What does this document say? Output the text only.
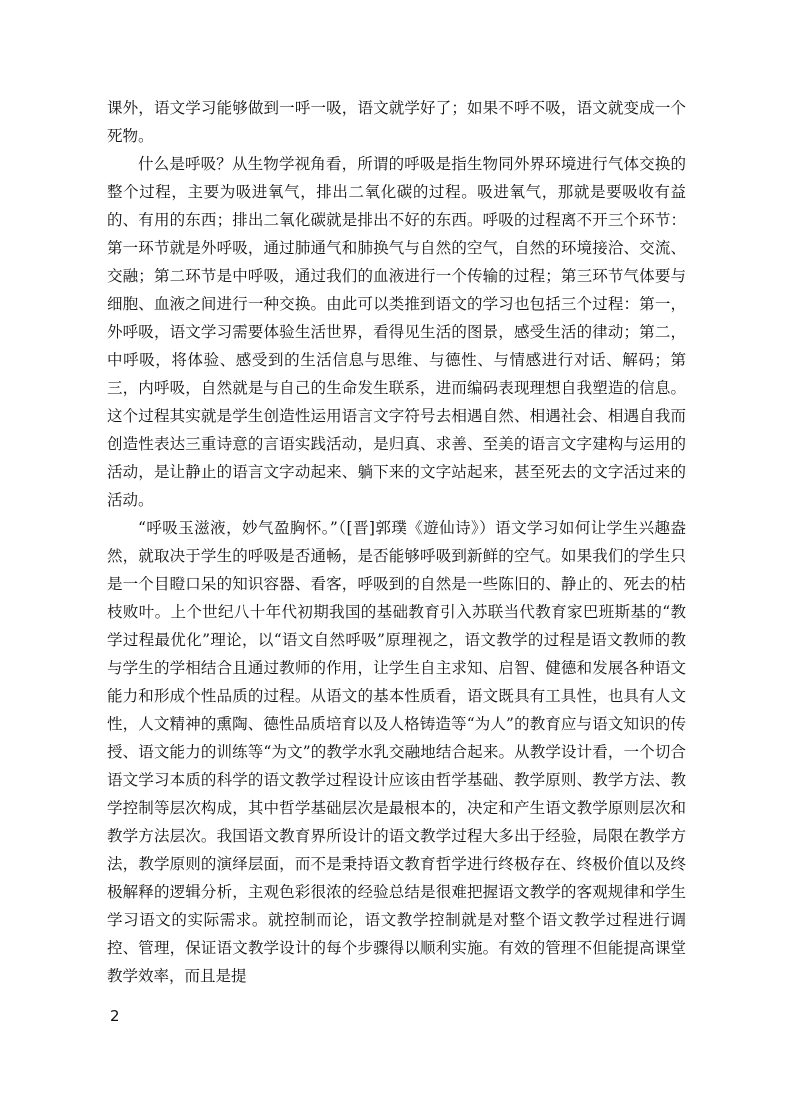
课外，语文学习能够做到一呼一吸，语文就学好了；如果不呼不吸，语文就变成一个死物。

什么是呼吸？从生物学视角看，所谓的呼吸是指生物同外界环境进行气体交换的整个过程，主要为吸进氧气，排出二氧化碳的过程。吸进氧气，那就是要吸收有益的、有用的东西；排出二氧化碳就是排出不好的东西。呼吸的过程离不开三个环节：第一环节就是外呼吸，通过肺通气和肺换气与自然的空气，自然的环境接洽、交流、交融；第二环节是中呼吸，通过我们的血液进行一个传输的过程；第三环节气体要与细胞、血液之间进行一种交换。由此可以类推到语文的学习也包括三个过程：第一，外呼吸，语文学习需要体验生活世界，看得见生活的图景，感受生活的律动；第二，中呼吸，将体验、感受到的生活信息与思维、与德性、与情感进行对话、解码；第三，内呼吸，自然就是与自己的生命发生联系，进而编码表现理想自我塑造的信息。这个过程其实就是学生创造性运用语言文字符号去相遇自然、相遇社会、相遇自我而创造性表达三重诗意的言语实践活动，是归真、求善、至美的语言文字建构与运用的活动，是让静止的语言文字动起来、躺下来的文字站起来，甚至死去的文字活过来的活动。

“呼吸玉滋液，妙气盈胸怀。”（[晋]郭璞《遊仙诗》）语文学习如何让学生兴趣盎然，就取决于学生的呼吸是否通畅，是否能够呼吸到新鲜的空气。如果我们的学生只是一个目瞪口呆的知识容器、看客，呼吸到的自然是一些陈旧的、静止的、死去的枯枝败叶。上个世纪八十年代初期我国的基础教育引入苏联当代教育家巴班斯基的“教学过程最优化”理论，以“语文自然呼吸”原理视之，语文教学的过程是语文教师的教与学生的学相结合且通过教师的作用，让学生自主求知、启智、健德和发展各种语文能力和形成个性品质的过程。从语文的基本性质看，语文既具有工具性，也具有人文性，人文精神的熏陶、德性品质培育以及人格铸造等“为人”的教育应与语文知识的传授、语文能力的训练等“为文”的教学水乳交融地结合起来。从教学设计看，一个切合语文学习本质的科学的语文教学过程设计应该由哲学基础、教学原则、教学方法、教学控制等层次构成，其中哲学基础层次是最根本的，决定和产生语文教学原则层次和教学方法层次。我国语文教育界所设计的语文教学过程大多出于经验，局限在教学方法，教学原则的演绎层面，而不是秉持语文教育哲学进行终极存在、终极价值以及终极解释的逻辑分析，主观色彩很浓的经验总结是很难把握语文教学的客观规律和学生学习语文的实际需求。就控制而论，语文教学控制就是对整个语文教学过程进行调控、管理，保证语文教学设计的每个步骤得以顺利实施。有效的管理不但能提高课堂教学效率，而且是提

2
